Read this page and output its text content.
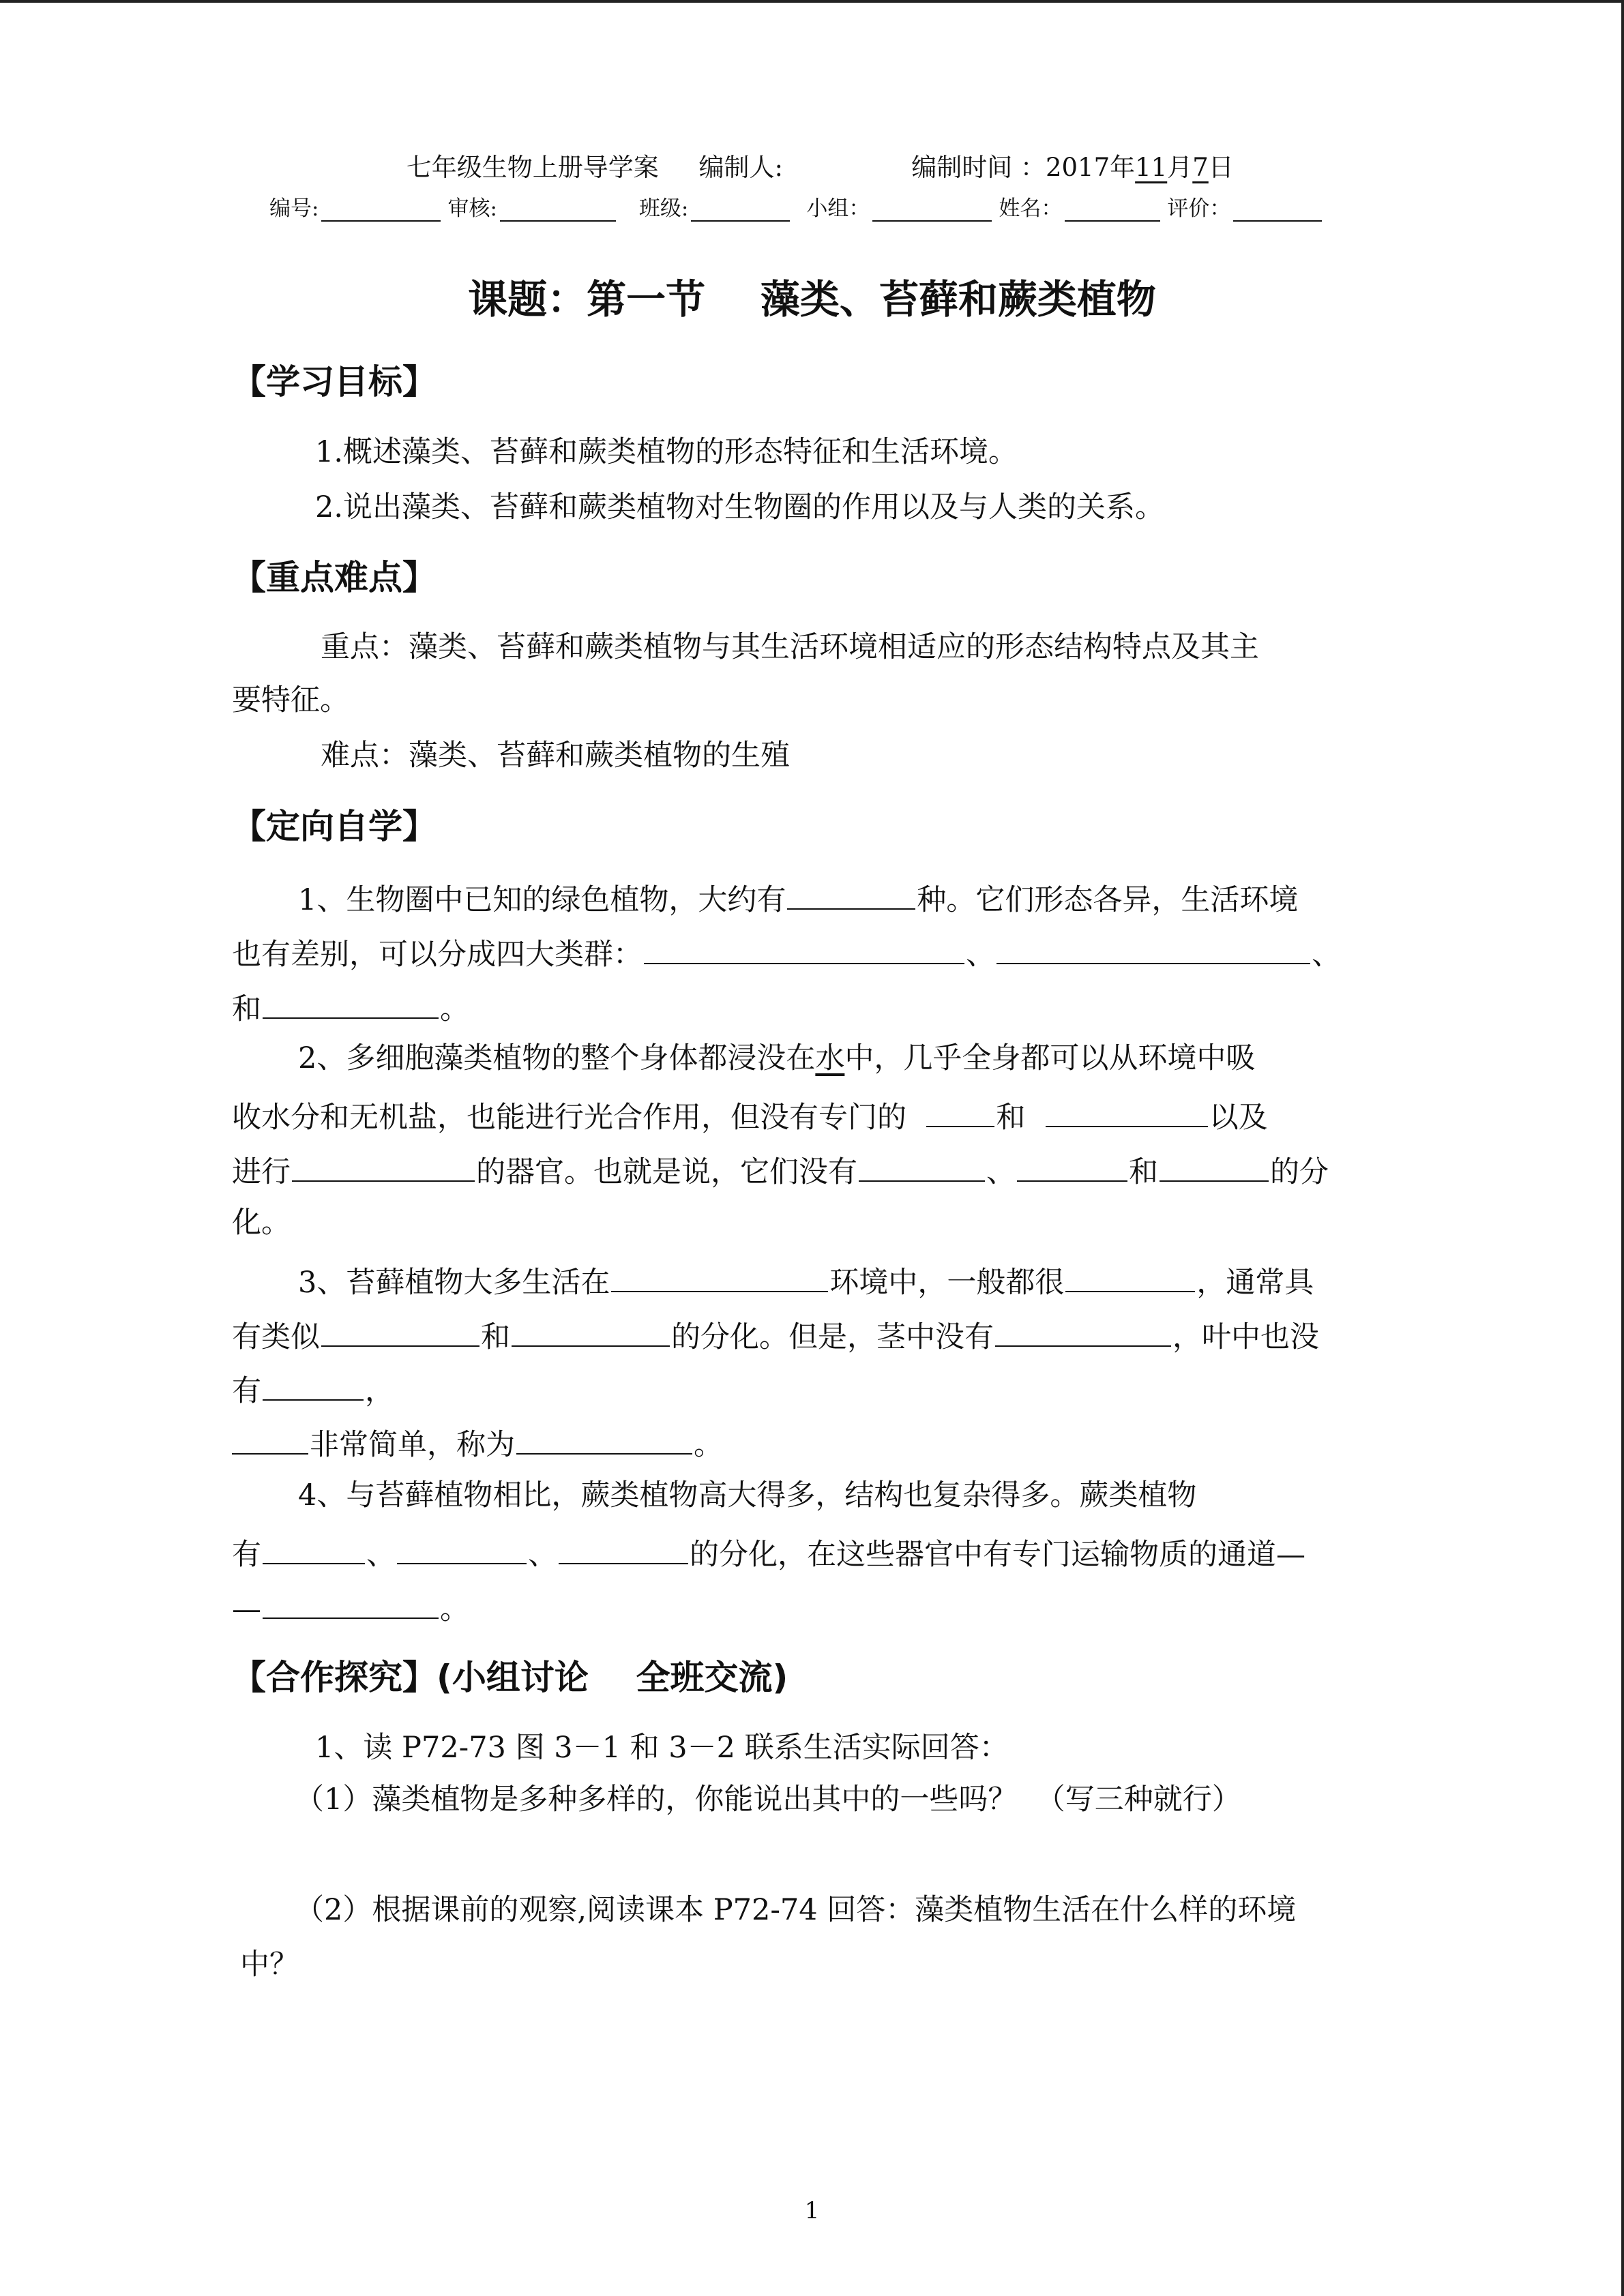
七年级生物上册导学案 编制人:	编制时间 ：2017年11月7日

编号:	审核:	班级:	小组：	姓名：	评价：
课题：第一节    藻类、苔藓和蕨类植物
【学习目标】
1.概述藻类、苔藓和蕨类植物的形态特征和生活环境。
2.说出藻类、苔藓和蕨类植物对生物圈的作用以及与人类的关系。
【重点难点】
重点：藻类、苔藓和蕨类植物与其生活环境相适应的形态结构特点及其主
要特征。
难点：藻类、苔藓和蕨类植物的生殖
【定向自学】
1、生物圈中已知的绿色植物，大约有	种。它们形态各异，生活环境
也有差别，可以分成四大类群：	、	、
和	。
2、多细胞藻类植物的整个身体都浸没在水中，几乎全身都可以从环境中吸
收水分和无机盐，也能进行光合作用，但没有专门的	和	以及
进行	的器官。也就是说，它们没有	、	和	的分
化。
3、苔藓植物大多生活在	环境中，一般都很	，通常具
有类似	和	的分化。但是，茎中没有	，叶中也没
有	，
非常简单，称为	。
4、与苔藓植物相比，蕨类植物高大得多，结构也复杂得多。蕨类植物
有	、	、	的分化，在这些器官中有专门运输物质的通道—
—	。
【合作探究】(小组讨论    全班交流)
1、读 P72-73 图 3－1 和 3－2 联系生活实际回答：
（1）藻类植物是多种多样的，你能说出其中的一些吗？  （写三种就行）
（2）根据课前的观察,阅读课本 P72-74 回答：藻类植物生活在什么样的环境
中？
1
